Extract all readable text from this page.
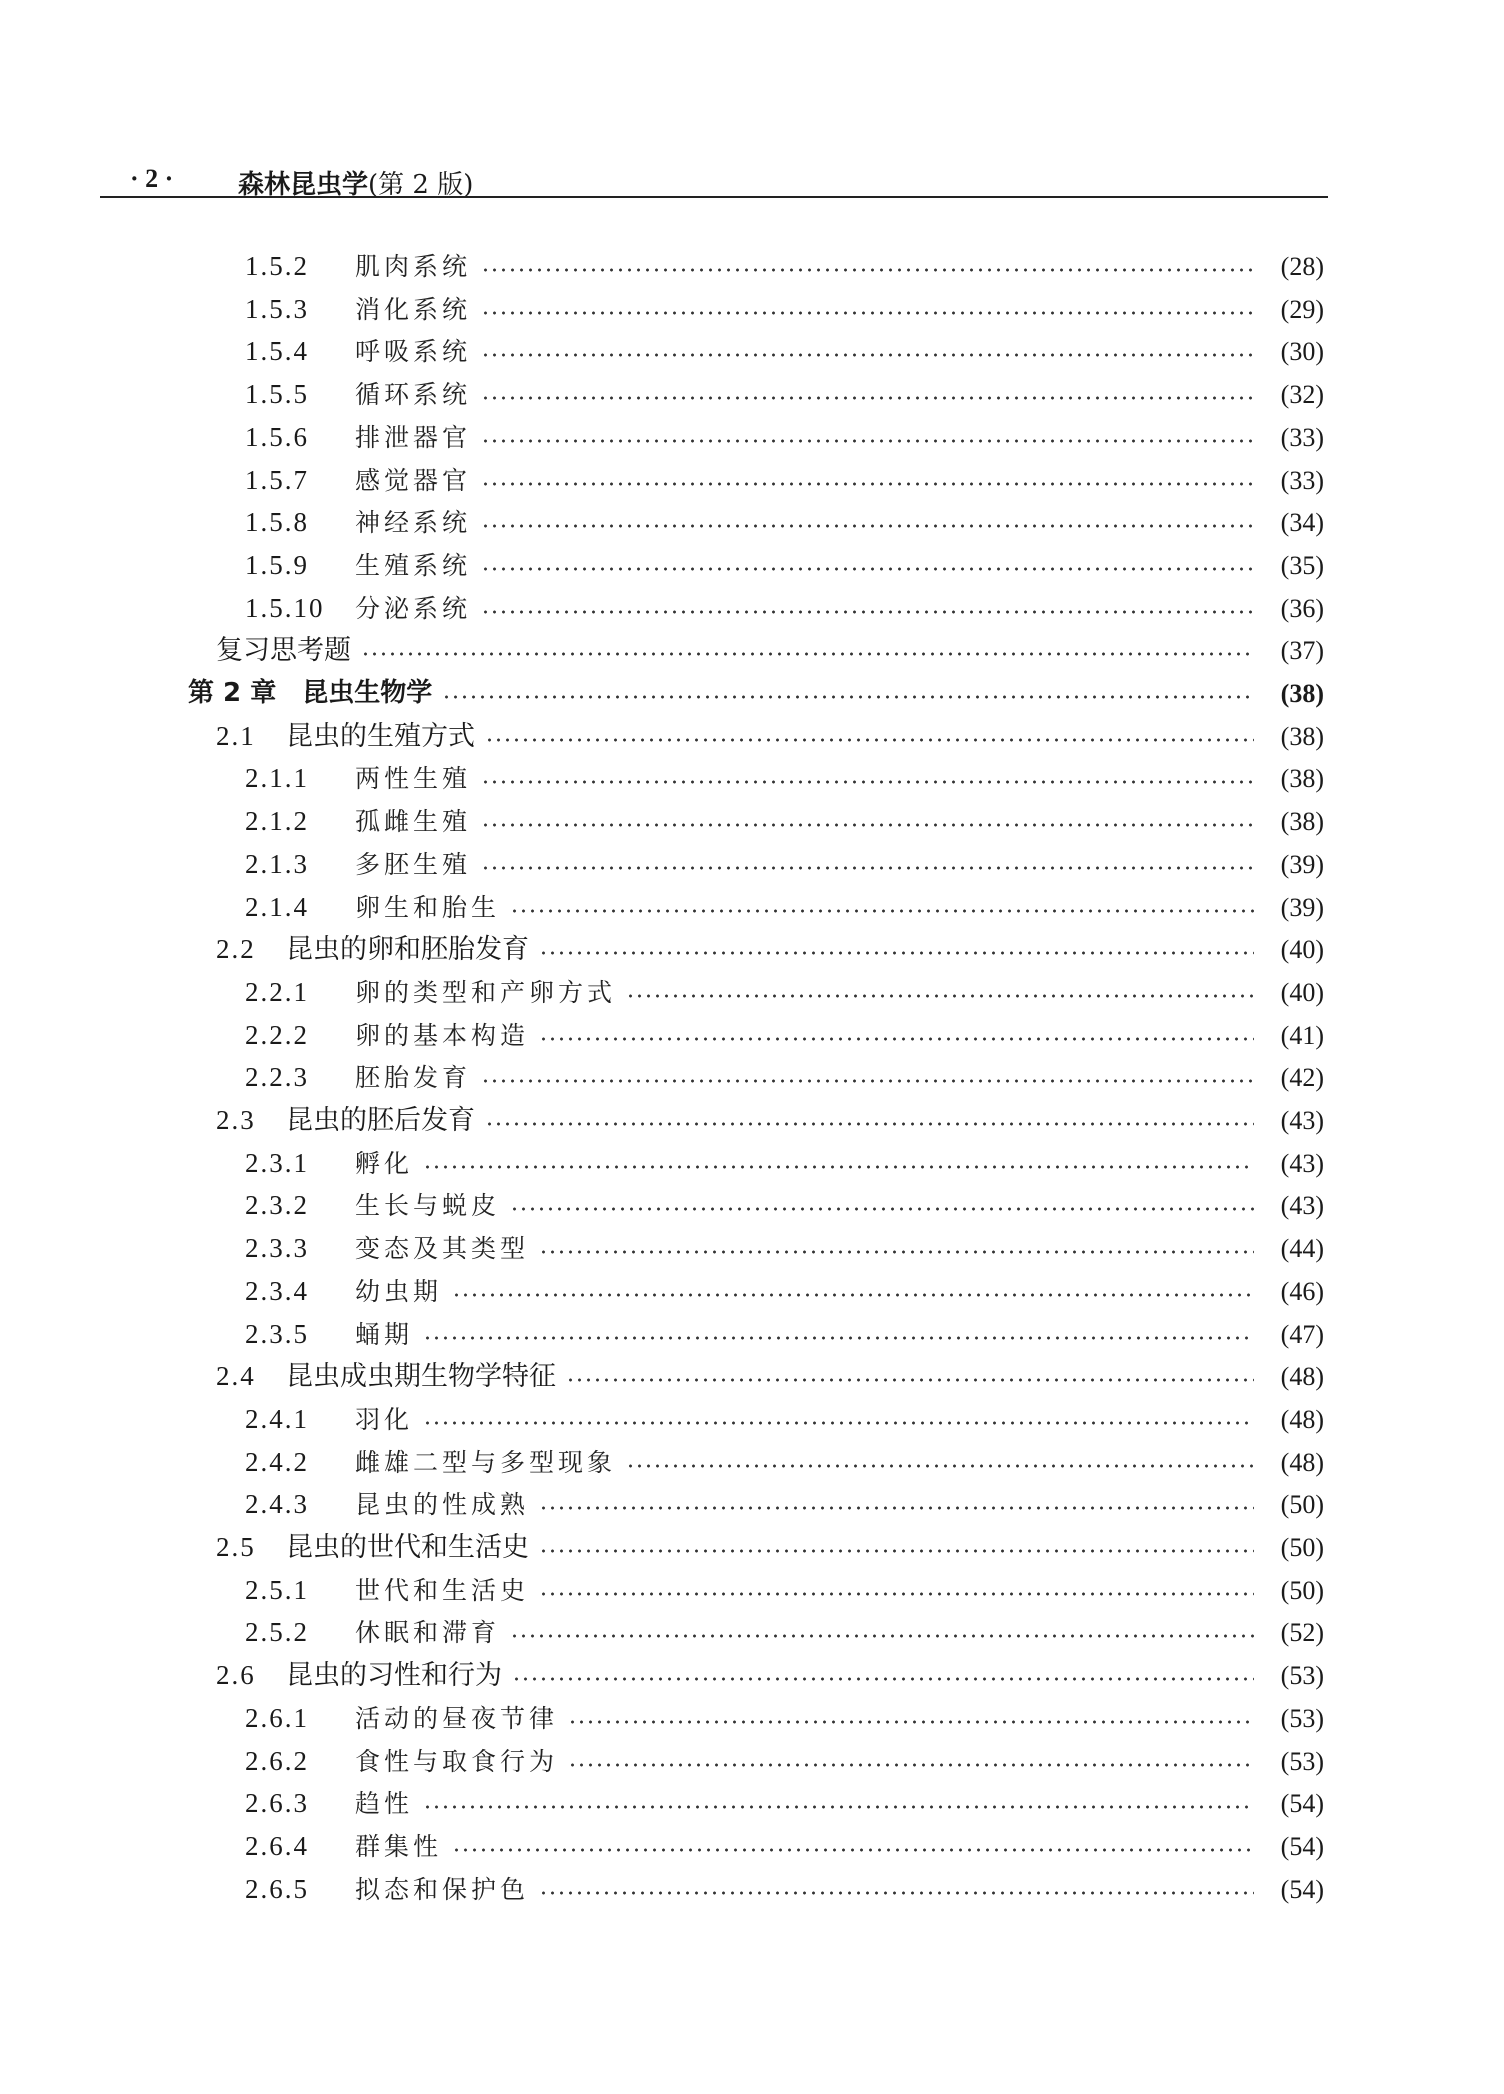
· 2 · 森林昆虫学(第 2 版)
1.5.2	肌肉系统	(28)
1.5.3	消化系统	(29)
1.5.4	呼吸系统	(30)
1.5.5	循环系统	(32)
1.5.6	排泄器官	(33)
1.5.7	感觉器官	(33)
1.5.8	神经系统	(34)
1.5.9	生殖系统	(35)
1.5.10	分泌系统	(36)
复习思考题	(37)
第 2 章 昆虫生物学	(38)
2.1	昆虫的生殖方式	(38)
2.1.1	两性生殖	(38)
2.1.2	孤雌生殖	(38)
2.1.3	多胚生殖	(39)
2.1.4	卵生和胎生	(39)
2.2	昆虫的卵和胚胎发育	(40)
2.2.1	卵的类型和产卵方式	(40)
2.2.2	卵的基本构造	(41)
2.2.3	胚胎发育	(42)
2.3	昆虫的胚后发育	(43)
2.3.1	孵化	(43)
2.3.2	生长与蜕皮	(43)
2.3.3	变态及其类型	(44)
2.3.4	幼虫期	(46)
2.3.5	蛹期	(47)
2.4	昆虫成虫期生物学特征	(48)
2.4.1	羽化	(48)
2.4.2	雌雄二型与多型现象	(48)
2.4.3	昆虫的性成熟	(50)
2.5	昆虫的世代和生活史	(50)
2.5.1	世代和生活史	(50)
2.5.2	休眠和滞育	(52)
2.6	昆虫的习性和行为	(53)
2.6.1	活动的昼夜节律	(53)
2.6.2	食性与取食行为	(53)
2.6.3	趋性	(54)
2.6.4	群集性	(54)
2.6.5	拟态和保护色	(54)
